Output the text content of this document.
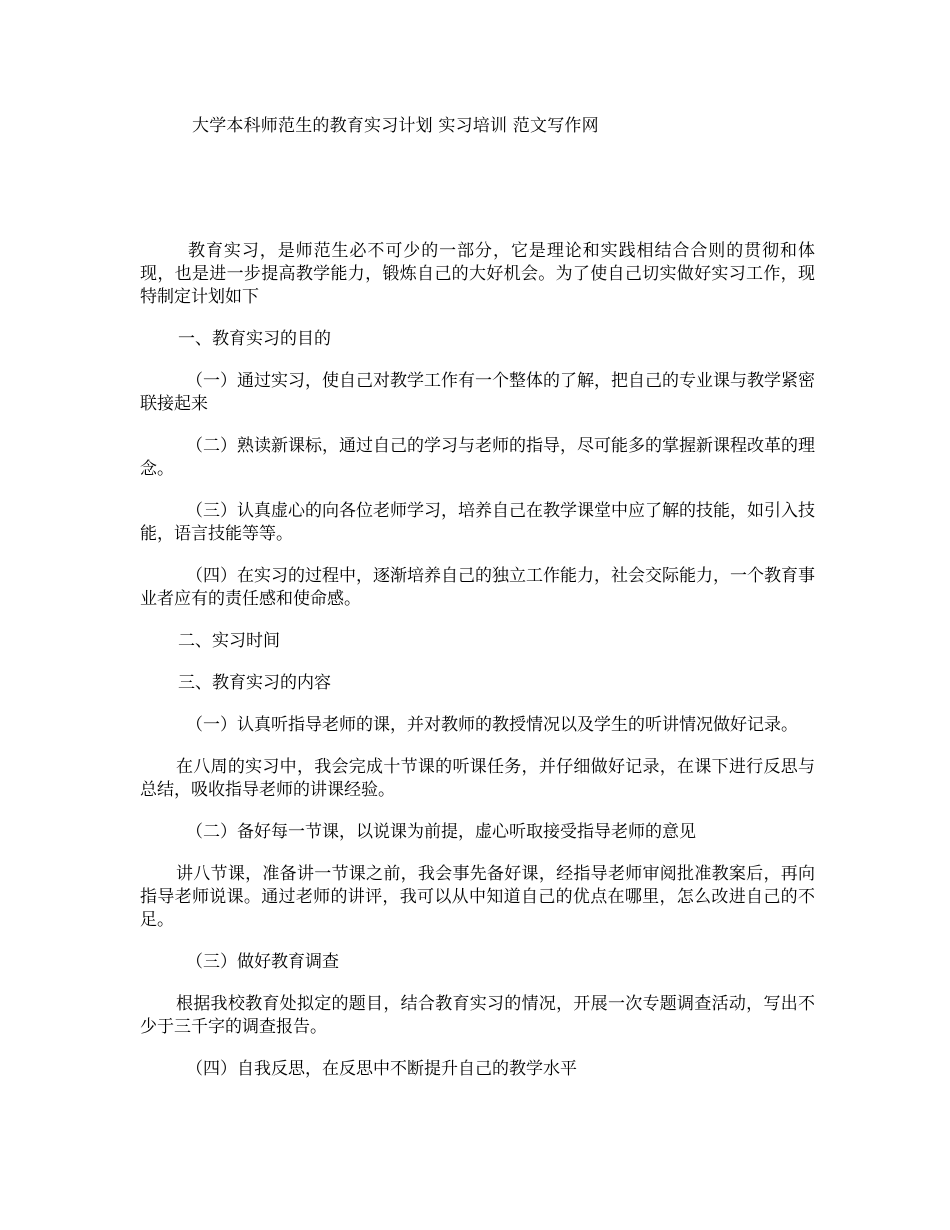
大学本科师范生的教育实习计划 实习培训 范文写作网

教育实习，是师范生必不可少的一部分，它是理论和实践相结合合则的贯彻和体现，也是进一步提高教学能力，锻炼自己的大好机会。为了使自己切实做好实习工作，现特制定计划如下

一、教育实习的目的

（一）通过实习，使自己对教学工作有一个整体的了解，把自己的专业课与教学紧密联接起来

（二）熟读新课标，通过自己的学习与老师的指导，尽可能多的掌握新课程改革的理念。

（三）认真虚心的向各位老师学习，培养自己在教学课堂中应了解的技能，如引入技能，语言技能等等。

（四）在实习的过程中，逐渐培养自己的独立工作能力，社会交际能力，一个教育事业者应有的责任感和使命感。

二、实习时间

三、教育实习的内容

（一）认真听指导老师的课，并对教师的教授情况以及学生的听讲情况做好记录。

在八周的实习中，我会完成十节课的听课任务，并仔细做好记录，在课下进行反思与总结，吸收指导老师的讲课经验。

（二）备好每一节课，以说课为前提，虚心听取接受指导老师的意见

讲八节课，准备讲一节课之前，我会事先备好课，经指导老师审阅批准教案后，再向指导老师说课。通过老师的讲评，我可以从中知道自己的优点在哪里，怎么改进自己的不足。

（三）做好教育调查

根据我校教育处拟定的题目，结合教育实习的情况，开展一次专题调查活动，写出不少于三千字的调查报告。

（四）自我反思，在反思中不断提升自己的教学水平
